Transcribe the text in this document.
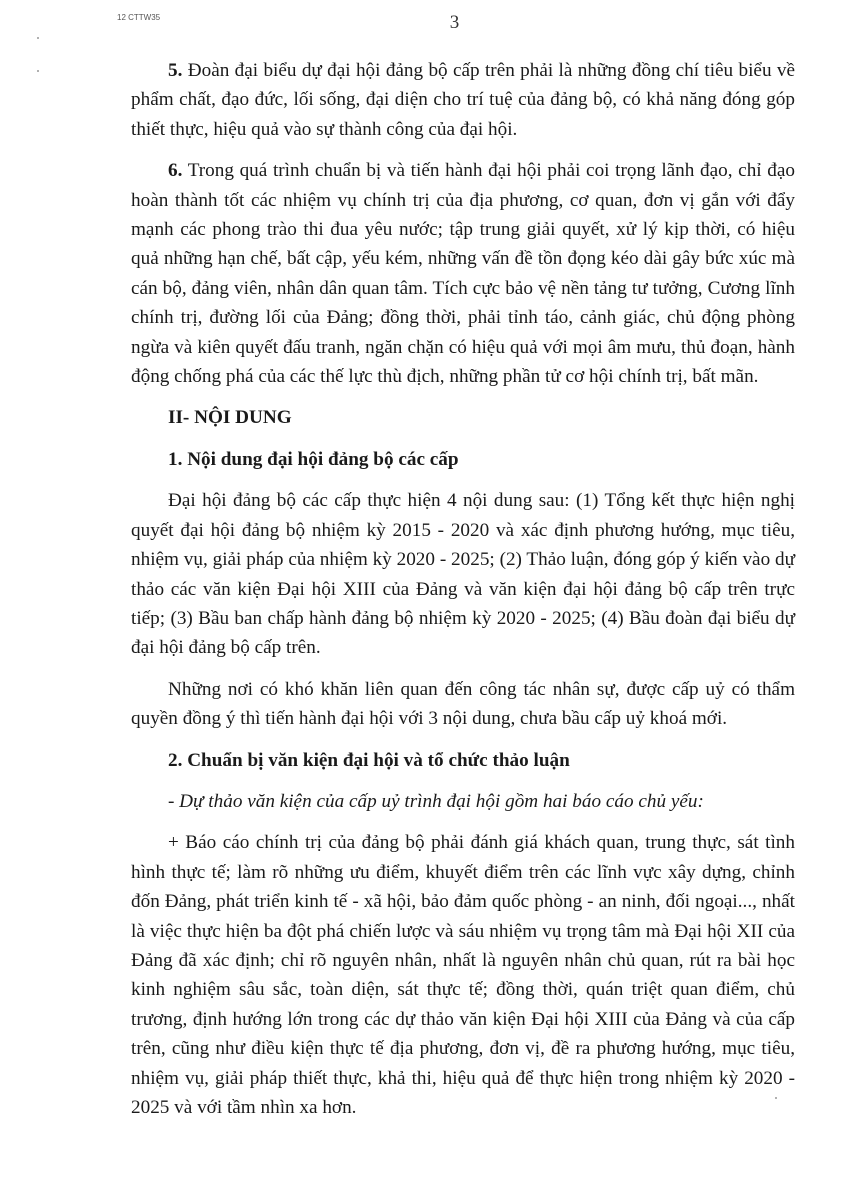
12 CTTW35	3

5. Đoàn đại biểu dự đại hội đảng bộ cấp trên phải là những đồng chí tiêu biểu về phẩm chất, đạo đức, lối sống, đại diện cho trí tuệ của đảng bộ, có khả năng đóng góp thiết thực, hiệu quả vào sự thành công của đại hội.

6. Trong quá trình chuẩn bị và tiến hành đại hội phải coi trọng lãnh đạo, chỉ đạo hoàn thành tốt các nhiệm vụ chính trị của địa phương, cơ quan, đơn vị gắn với đẩy mạnh các phong trào thi đua yêu nước; tập trung giải quyết, xử lý kịp thời, có hiệu quả những hạn chế, bất cập, yếu kém, những vấn đề tồn đọng kéo dài gây bức xúc mà cán bộ, đảng viên, nhân dân quan tâm. Tích cực bảo vệ nền tảng tư tưởng, Cương lĩnh chính trị, đường lối của Đảng; đồng thời, phải tỉnh táo, cảnh giác, chủ động phòng ngừa và kiên quyết đấu tranh, ngăn chặn có hiệu quả với mọi âm mưu, thủ đoạn, hành động chống phá của các thế lực thù địch, những phần tử cơ hội chính trị, bất mãn.

II- NỘI DUNG

1. Nội dung đại hội đảng bộ các cấp

Đại hội đảng bộ các cấp thực hiện 4 nội dung sau: (1) Tổng kết thực hiện nghị quyết đại hội đảng bộ nhiệm kỳ 2015 - 2020 và xác định phương hướng, mục tiêu, nhiệm vụ, giải pháp của nhiệm kỳ 2020 - 2025; (2) Thảo luận, đóng góp ý kiến vào dự thảo các văn kiện Đại hội XIII của Đảng và văn kiện đại hội đảng bộ cấp trên trực tiếp; (3) Bầu ban chấp hành đảng bộ nhiệm kỳ 2020 - 2025; (4) Bầu đoàn đại biểu dự đại hội đảng bộ cấp trên.

Những nơi có khó khăn liên quan đến công tác nhân sự, được cấp uỷ có thẩm quyền đồng ý thì tiến hành đại hội với 3 nội dung, chưa bầu cấp uỷ khoá mới.

2. Chuẩn bị văn kiện đại hội và tổ chức thảo luận

- Dự thảo văn kiện của cấp uỷ trình đại hội gồm hai báo cáo chủ yếu:

+ Báo cáo chính trị của đảng bộ phải đánh giá khách quan, trung thực, sát tình hình thực tế; làm rõ những ưu điểm, khuyết điểm trên các lĩnh vực xây dựng, chỉnh đốn Đảng, phát triển kinh tế - xã hội, bảo đảm quốc phòng - an ninh, đối ngoại..., nhất là việc thực hiện ba đột phá chiến lược và sáu nhiệm vụ trọng tâm mà Đại hội XII của Đảng đã xác định; chỉ rõ nguyên nhân, nhất là nguyên nhân chủ quan, rút ra bài học kinh nghiệm sâu sắc, toàn diện, sát thực tế; đồng thời, quán triệt quan điểm, chủ trương, định hướng lớn trong các dự thảo văn kiện Đại hội XIII của Đảng và của cấp trên, cũng như điều kiện thực tế địa phương, đơn vị, đề ra phương hướng, mục tiêu, nhiệm vụ, giải pháp thiết thực, khả thi, hiệu quả để thực hiện trong nhiệm kỳ 2020 - 2025 và với tầm nhìn xa hơn.
